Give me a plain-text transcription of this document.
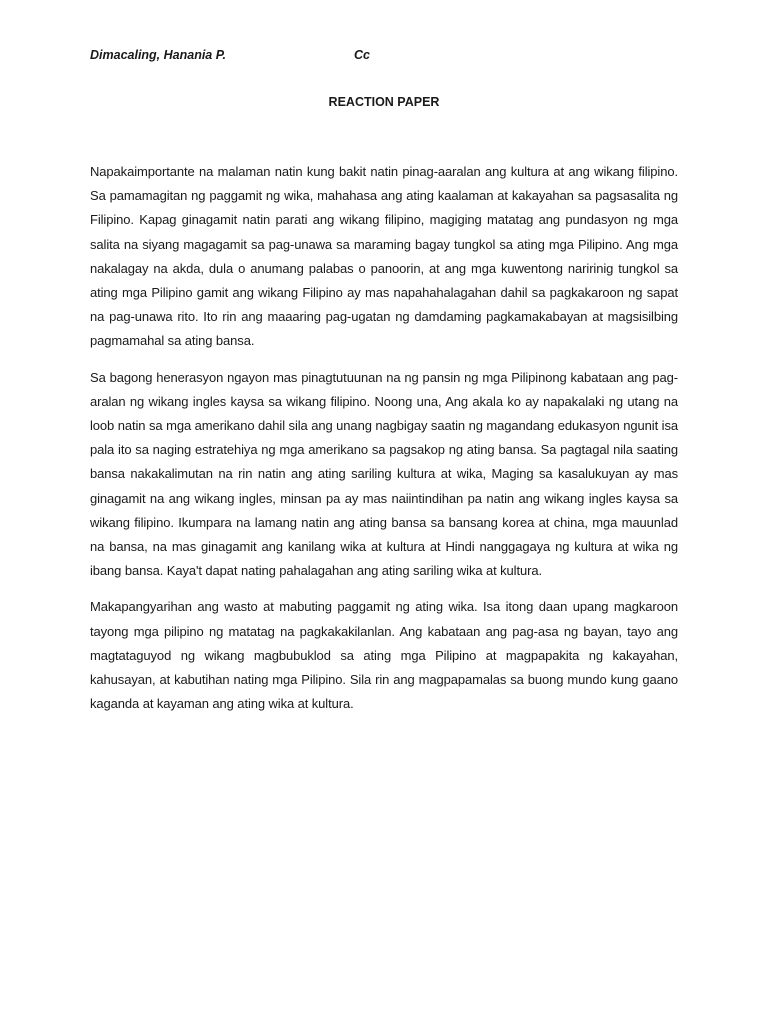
Dimacaling, Hanania P.	Cc
REACTION PAPER

Napakaimportante na malaman natin kung bakit natin pinag-aaralan ang kultura at ang wikang filipino. Sa pamamagitan ng paggamit ng wika, mahahasa ang ating kaalaman at kakayahan sa pagsasalita ng Filipino. Kapag ginagamit natin parati ang wikang filipino, magiging matatag ang pundasyon ng mga salita na siyang magagamit sa pag-unawa sa maraming bagay tungkol sa ating mga Pilipino. Ang mga nakalagay na akda, dula o anumang palabas o panoorin, at ang mga kuwentong naririnig tungkol sa ating mga Pilipino gamit ang wikang Filipino ay mas napahahalagahan dahil sa pagkakaroon ng sapat na pag-unawa rito. Ito rin ang maaaring pag-ugatan ng damdaming pagkamakabayan at magsisilbing pagmamahal sa ating bansa.

Sa bagong henerasyon ngayon mas pinagtutuunan na ng pansin ng mga Pilipinong kabataan ang pag-aralan ng wikang ingles kaysa sa wikang filipino. Noong una, Ang akala ko ay napakalaki ng utang na loob natin sa mga amerikano dahil sila ang unang nagbigay saatin ng magandang edukasyon ngunit isa pala ito sa naging estratehiya ng mga amerikano sa pagsakop ng ating bansa. Sa pagtagal nila saating bansa nakakalimutan na rin natin ang ating sariling kultura at wika, Maging sa kasalukuyan ay mas ginagamit na ang wikang ingles, minsan pa ay mas naiintindihan pa natin ang wikang ingles kaysa sa wikang filipino. Ikumpara na lamang natin ang ating bansa sa bansang korea at china, mga mauunlad na bansa, na mas ginagamit ang kanilang wika at kultura at Hindi nanggagaya ng kultura at wika ng ibang bansa. Kaya't dapat nating pahalagahan ang ating sariling wika at kultura.

Makapangyarihan ang wasto at mabuting paggamit ng ating wika. Isa itong daan upang magkaroon tayong mga pilipino ng matatag na pagkakakilanlan. Ang kabataan ang pag-asa ng bayan, tayo ang magtataguyod ng wikang magbubuklod sa ating mga Pilipino at magpapakita ng kakayahan, kahusayan, at kabutihan nating mga Pilipino. Sila rin ang magpapamalas sa buong mundo kung gaano kaganda at kayaman ang ating wika at kultura.
